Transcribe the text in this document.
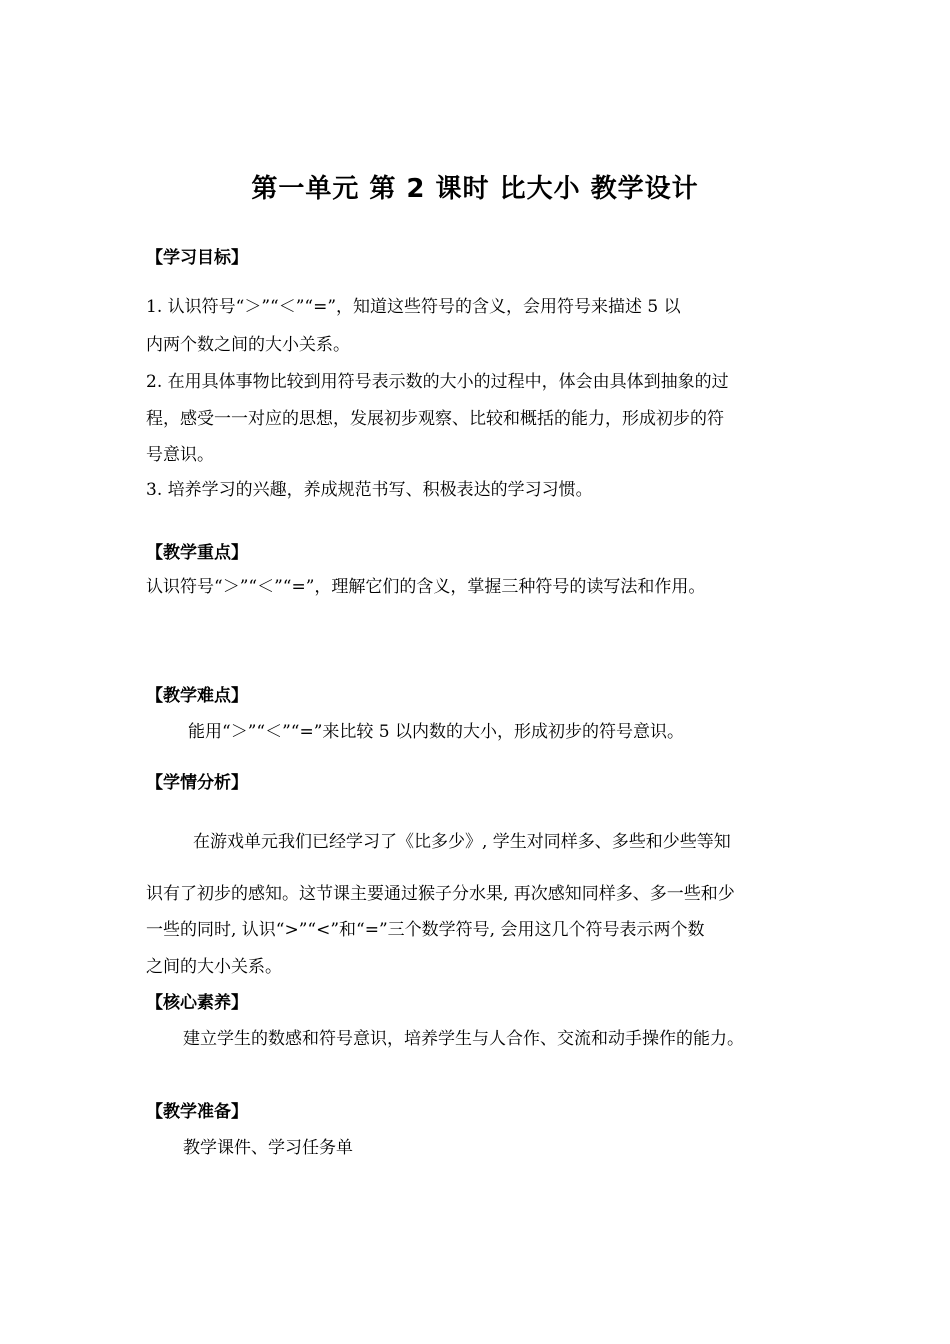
第一单元 第 2 课时 比大小 教学设计
【学习目标】
1. 认识符号“＞”“＜”“=”，知道这些符号的含义，会用符号来描述 5 以
内两个数之间的大小关系。
2. 在用具体事物比较到用符号表示数的大小的过程中，体会由具体到抽象的过
程，感受一一对应的思想，发展初步观察、比较和概括的能力，形成初步的符
号意识。
3. 培养学习的兴趣，养成规范书写、积极表达的学习习惯。
【教学重点】
认识符号“＞”“＜”“=”，理解它们的含义，掌握三种符号的读写法和作用。
【教学难点】
能用“＞”“＜”“=”来比较 5 以内数的大小，形成初步的符号意识。
【学情分析】
在游戏单元我们已经学习了《比多少》, 学生对同样多、多些和少些等知
识有了初步的感知。这节课主要通过猴子分水果, 再次感知同样多、多一些和少
一些的同时, 认识“>”“<”和“=”三个数学符号, 会用这几个符号表示两个数
之间的大小关系。
【核心素养】
建立学生的数感和符号意识，培养学生与人合作、交流和动手操作的能力。
【教学准备】
教学课件、学习任务单
